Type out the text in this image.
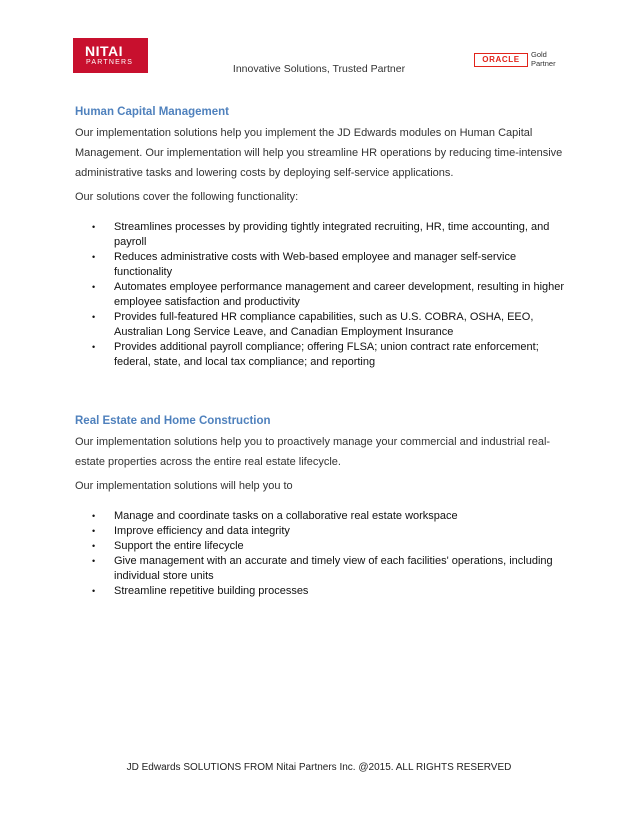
NITAI
PARTNERS
Innovative Solutions, Trusted Partner
ORACLE
Gold
Partner
Human Capital Management

Our implementation solutions help you implement the JD Edwards modules on Human Capital Management. Our implementation will help you streamline HR operations by reducing time-intensive administrative tasks and lowering costs by deploying self-service applications.

Our solutions cover the following functionality:

• Streamlines processes by providing tightly integrated recruiting, HR, time accounting, and payroll
• Reduces administrative costs with Web-based employee and manager self-service functionality
• Automates employee performance management and career development, resulting in higher employee satisfaction and productivity
• Provides full-featured HR compliance capabilities, such as U.S. COBRA, OSHA, EEO, Australian Long Service Leave, and Canadian Employment Insurance
• Provides additional payroll compliance; offering FLSA; union contract rate enforcement; federal, state, and local tax compliance; and reporting
Real Estate and Home Construction

Our implementation solutions help you to proactively manage your commercial and industrial real-estate properties across the entire real estate lifecycle.

Our implementation solutions will help you to

• Manage and coordinate tasks on a collaborative real estate workspace
• Improve efficiency and data integrity
• Support the entire lifecycle
• Give management with an accurate and timely view of each facilities' operations, including individual store units
• Streamline repetitive building processes
JD Edwards SOLUTIONS FROM Nitai Partners Inc. @2015. ALL RIGHTS RESERVED
